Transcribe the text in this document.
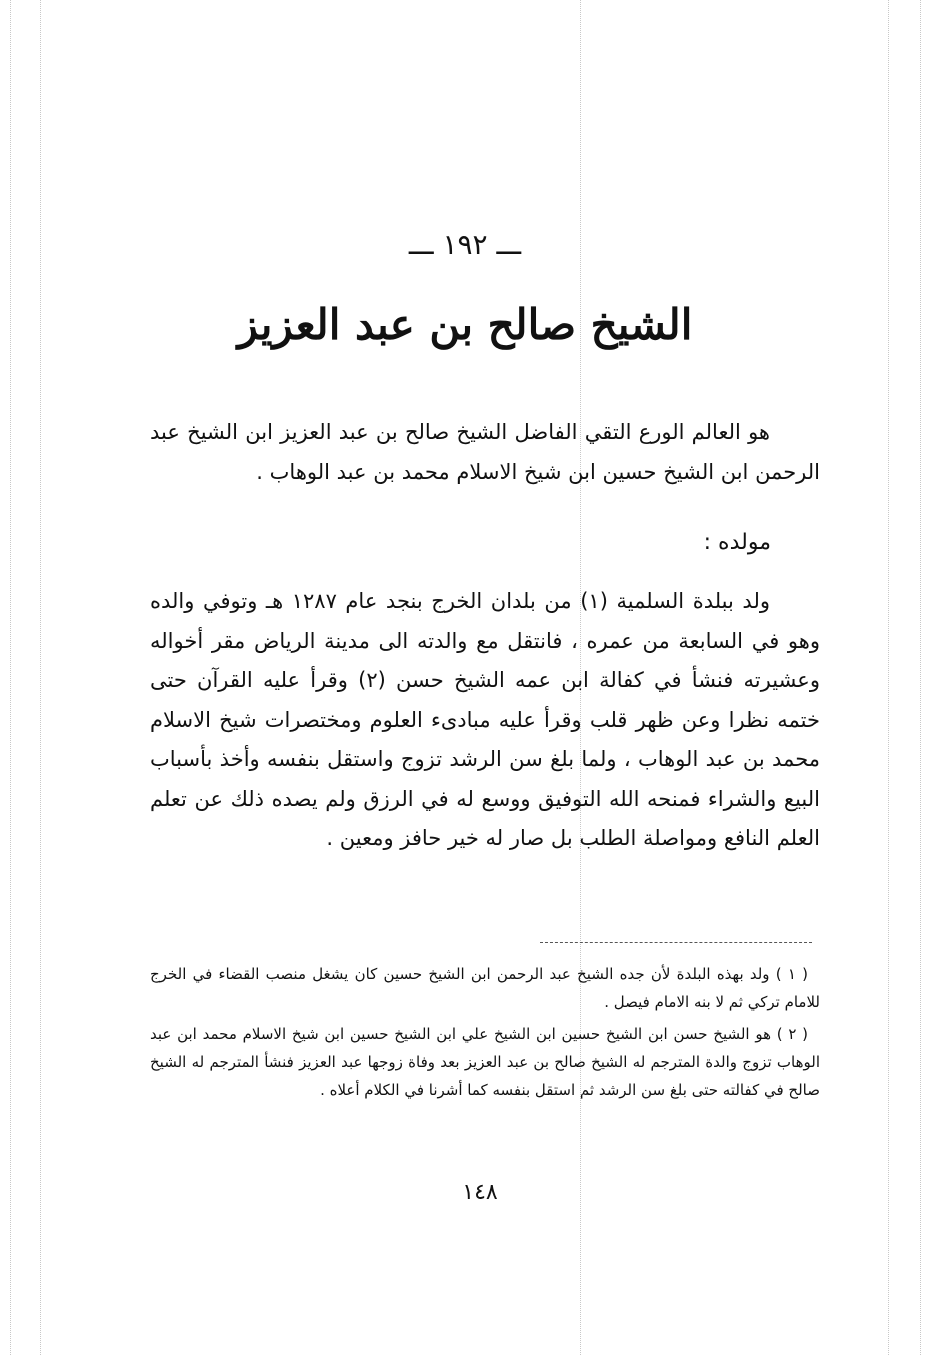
ـــ ١٩٢ ـــ
الشيخ صالح بن عبد العزيز

هو العالم الورع التقي الفاضل الشيخ صالح بن عبد العزيز ابن الشيخ عبد الرحمن ابن الشيخ حسين ابن شيخ الاسلام محمد بن عبد الوهاب .

مولده :

ولد ببلدة السلمية (١) من بلدان الخرج بنجد عام ١٢٨٧ هـ وتوفي والده وهو في السابعة من عمره ، فانتقل مع والدته الى مدينة الرياض مقر أخواله وعشيرته فنشأ في كفالة ابن عمه الشيخ حسن (٢) وقرأ عليه القرآن حتى ختمه نظرا وعن ظهر قلب وقرأ عليه مبادىء العلوم ومختصرات شيخ الاسلام محمد بن عبد الوهاب ، ولما بلغ سن الرشد تزوج واستقل بنفسه وأخذ بأسباب البيع والشراء فمنحه الله التوفيق ووسع له في الرزق ولم يصده ذلك عن تعلم العلم النافع ومواصلة الطلب بل صار له خير حافز ومعين .

( ١ ) ولد بهذه البلدة لأن جده الشيخ عبد الرحمن ابن الشيخ حسين كان يشغل منصب القضاء في الخرج للامام تركي ثم لا بنه الامام فيصل .

( ٢ ) هو الشيخ حسن ابن الشيخ حسين ابن الشيخ علي ابن الشيخ حسين ابن شيخ الاسلام محمد ابن عبد الوهاب تزوج والدة المترجم له الشيخ صالح بن عبد العزيز بعد وفاة زوجها عبد العزيز فنشأ المترجم له الشيخ صالح في كفالته حتى بلغ سن الرشد ثم استقل بنفسه كما أشرنا في الكلام أعلاه .

١٤٨
